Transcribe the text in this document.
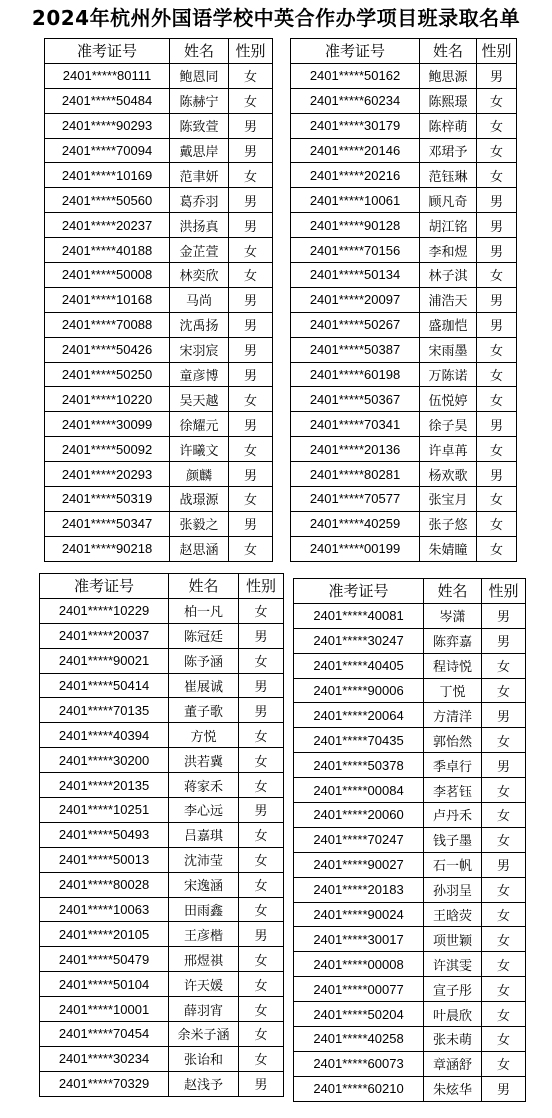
2024年杭州外国语学校中英合作办学项目班录取名单
准考证号	姓名	性别
2401*****80111	鲍恩同	女
2401*****50484	陈赫宁	女
2401*****90293	陈致萱	男
2401*****70094	戴思岸	男
2401*****10169	范聿妍	女
2401*****50560	葛乔羽	男
2401*****20237	洪扬真	男
2401*****40188	金芷萱	女
2401*****50008	林奕欣	女
2401*****10168	马尚	男
2401*****70088	沈禹扬	男
2401*****50426	宋羽宸	男
2401*****50250	童彦博	男
2401*****10220	吴天越	女
2401*****30099	徐耀元	男
2401*****50092	许曦文	女
2401*****20293	颜麟	男
2401*****50319	战璟源	女
2401*****50347	张毅之	男
2401*****90218	赵思涵	女
准考证号	姓名	性别
2401*****50162	鲍思源	男
2401*****60234	陈熙璟	女
2401*****30179	陈梓萌	女
2401*****20146	邓珺予	女
2401*****20216	范钰琳	女
2401*****10061	顾凡奇	男
2401*****90128	胡江铭	男
2401*****70156	李和煜	男
2401*****50134	林子淇	女
2401*****20097	浦浩天	男
2401*****50267	盛珈恺	男
2401*****50387	宋雨墨	女
2401*****60198	万陈诺	女
2401*****50367	伍悦婷	女
2401*****70341	徐子昊	男
2401*****20136	许卓苒	女
2401*****80281	杨欢歌	男
2401*****70577	张宝月	女
2401*****40259	张子悠	女
2401*****00199	朱婧瞳	女
准考证号	姓名	性别
2401*****10229	柏一凡	女
2401*****20037	陈冠廷	男
2401*****90021	陈予涵	女
2401*****50414	崔展诚	男
2401*****70135	董子歌	男
2401*****40394	方悦	女
2401*****30200	洪若冀	女
2401*****20135	蒋家禾	女
2401*****10251	李心远	男
2401*****50493	吕嘉琪	女
2401*****50013	沈沛莹	女
2401*****80028	宋逸涵	女
2401*****10063	田雨鑫	女
2401*****20105	王彦楷	男
2401*****50479	邢煜祺	女
2401*****50104	许天媛	女
2401*****10001	薛羽宵	女
2401*****70454	余米子涵	女
2401*****30234	张诒和	女
2401*****70329	赵浅予	男
准考证号	姓名	性别
2401*****40081	岑潇	男
2401*****30247	陈弈嘉	男
2401*****40405	程诗悦	女
2401*****90006	丁悦	女
2401*****20064	方清洋	男
2401*****70435	郭怡然	女
2401*****50378	季卓行	男
2401*****00084	李茗钰	女
2401*****20060	卢丹禾	女
2401*****70247	钱子墨	女
2401*****90027	石一帆	男
2401*****20183	孙羽呈	女
2401*****90024	王晗荧	女
2401*****30017	项世颖	女
2401*****00008	许淇雯	女
2401*****00077	宣子彤	女
2401*****50204	叶晨欣	女
2401*****40258	张未萌	女
2401*****60073	章涵舒	女
2401*****60210	朱炫华	男
